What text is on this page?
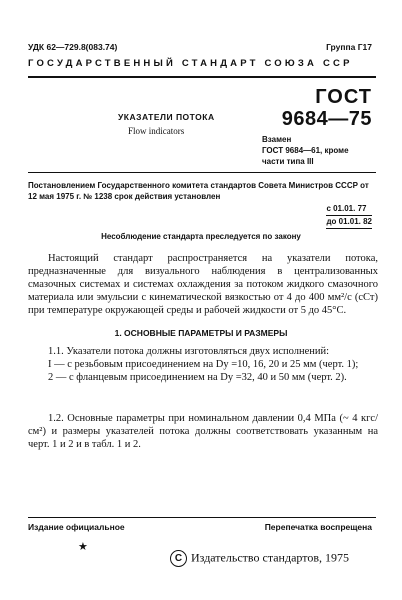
УДК 62—729.8(083.74)	Группа Г17
ГОСУДАРСТВЕННЫЙ СТАНДАРТ СОЮЗА ССР
УКАЗАТЕЛИ ПОТОКА
Flow indicators
ГОСТ
9684—75
Взамен
ГОСТ 9684—61, кроме
части типа III
Постановлением Государственного комитета стандартов Совета Министров СССР от 12 мая 1975 г. № 1238 срок действия установлен
с 01.01. 77
до 01.01. 82
Несоблюдение стандарта преследуется по закону

Настоящий стандарт распространяется на указатели потока, предназначенные для визуального наблюдения в централизованных смазочных системах и системах охлаждения за потоком жидкого смазочного материала или эмульсии с кинематической вязкостью от 4 до 400 мм²/с (сСт) при температуре окружающей среды и рабочей жидкости от 5 до 45°С.

1. ОСНОВНЫЕ ПАРАМЕТРЫ И РАЗМЕРЫ

1.1. Указатели потока должны изготовляться двух исполнений:

I — с резьбовым присоединением на Dу =10, 16, 20 и 25 мм (черт. 1);

2 — с фланцевым присоединением на Dу =32, 40 и 50 мм (черт. 2).

1.2. Основные параметры при номинальном давлении 0,4 МПа (~ 4 кгс/см²) и размеры указателей потока должны соответствовать указанным на черт. 1 и 2 и в табл. 1 и 2.

Издание официальное	Перепечатка воспрещена
★
C Издательство стандартов, 1975
